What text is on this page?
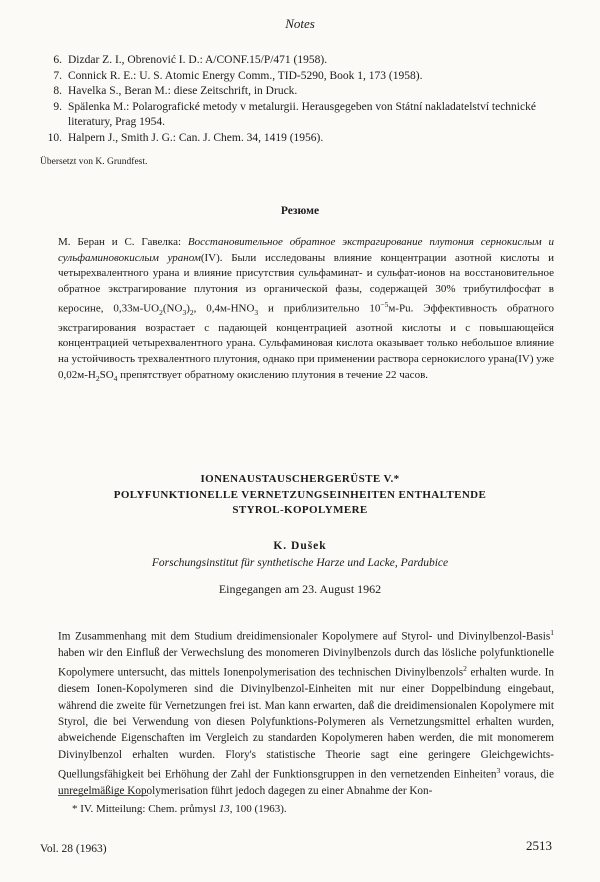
Notes
6. Dizdar Z. I., Obrenović I. D.: A/CONF.15/P/471 (1958).
7. Connick R. E.: U. S. Atomic Energy Comm., TID-5290, Book 1, 173 (1958).
8. Havelka S., Beran M.: diese Zeitschrift, in Druck.
9. Spälenka M.: Polarografické metody v metalurgii. Herausgegeben von Státní nakladatelství technické literatury, Prag 1954.
10. Halpern J., Smith J. G.: Can. J. Chem. 34, 1419 (1956).
Übersetzt von K. Grundfest.
Резюме
М. Беран и С. Гавелка: Восстановительное обратное экстрагирование плутония сернокислым и сульфаминовокислым ураном(IV). Были исследованы влияние концентрации азотной кислоты и четырехвалентного урана и влияние присутствия сульфаминат- и сульфат-ионов на восстановительное обратное экстрагирование плутония из органической фазы, содержащей 30% трибутилфосфат в керосине, $0,33м-UO_2(NO_3)_2$, $0,4м-HNO_3$ и приблизительно $10^{-5}м-Pu$. Эффективность обратного экстрагирования возрастает с падающей концентрацией азотной кислоты и с повышающейся концентрацией четырехвалентного урана. Сульфаминовая кислота оказывает только небольшое влияние на устойчивость трехвалентного плутония, однако при применении раствора сернокислого урана(IV) уже $0,02м-H_2SO_4$ препятствует обратному окислению плутония в течение 22 часов.
IONENAUSTAUSCHERGERÜSTE V.*
POLYFUNKTIONELLE VERNETZUNGSEINHEITEN ENTHALTENDE
STYROL-KOPOLYMERE
K. Dušek
Forschungsinstitut für synthetische Harze und Lacke, Pardubice
Eingegangen am 23. August 1962
Im Zusammenhang mit dem Studium dreidimensionaler Kopolymere auf Styrol- und Divinylbenzol-Basis$^1$ haben wir den Einfluß der Verwechslung des monomeren Divinylbenzols durch das lösliche polyfunktionelle Kopolymere untersucht, das mittels Ionenpolymerisation des technischen Divinylbenzols$^2$ erhalten wurde. In diesem Ionen-Kopolymeren sind die Divinylbenzol-Einheiten mit nur einer Doppelbindung eingebaut, während die zweite für Vernetzungen frei ist. Man kann erwarten, daß die dreidimensionalen Kopolymere mit Styrol, die bei Verwendung von diesen Polyfunktions-Polymeren als Vernetzungsmittel erhalten wurden, abweichende Eigenschaften im Vergleich zu standarden Kopolymeren haben werden, die mit monomerem Divinylbenzol erhalten wurden. Flory's statistische Theorie sagt eine geringere Gleichgewichts-Quellungsfähigkeit bei Erhöhung der Zahl der Funktionsgruppen in den vernetzenden Einheiten$^3$ voraus, die unregelmäßige Kopolymerisation führt jedoch dagegen zu einer Abnahme der Kon-
* IV. Mitteilung: Chem. průmysl 13, 100 (1963).
Vol. 28 (1963)	2513
